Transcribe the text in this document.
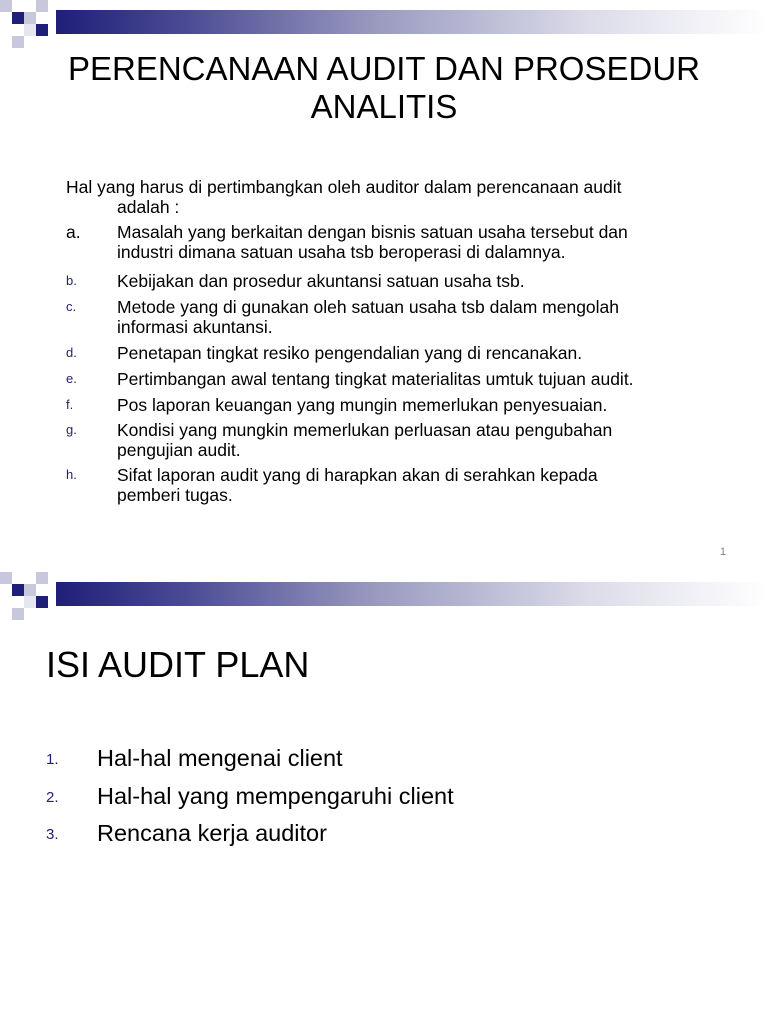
PERENCANAAN AUDIT DAN PROSEDUR ANALITIS
Hal yang harus di pertimbangkan oleh auditor dalam perencanaan audit
adalah :
a.	Masalah yang berkaitan dengan bisnis satuan usaha tersebut dan
industri dimana satuan usaha tsb beroperasi di dalamnya.
b.	Kebijakan dan prosedur akuntansi satuan usaha tsb.
c.	Metode yang di gunakan oleh satuan usaha tsb dalam mengolah
informasi akuntansi.
d.	Penetapan tingkat resiko pengendalian yang di rencanakan.
e.	Pertimbangan awal tentang tingkat materialitas umtuk tujuan audit.
f.	Pos laporan keuangan yang mungin memerlukan penyesuaian.
g.	Kondisi yang mungkin memerlukan perluasan atau pengubahan
pengujian audit.
h.	Sifat laporan audit yang di harapkan akan di serahkan kepada
pemberi tugas.
1
ISI AUDIT PLAN
1. Hal-hal mengenai client
2. Hal-hal yang mempengaruhi client
3. Rencana kerja auditor
